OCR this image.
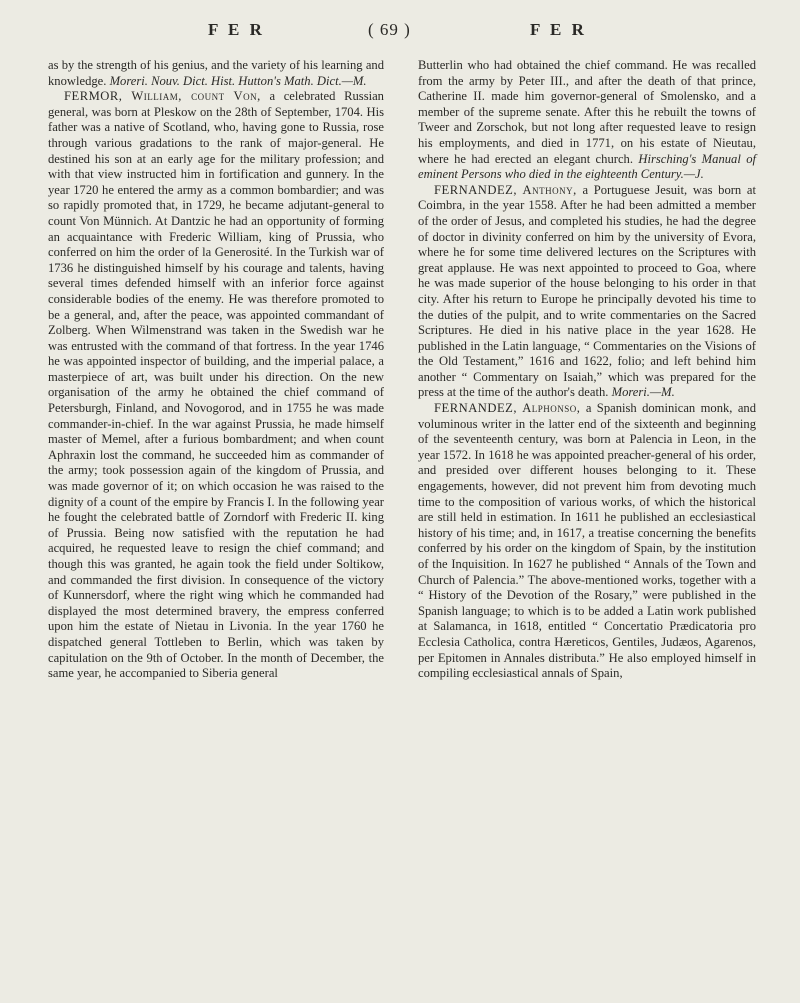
F E R	( 69 )	F E R

as by the strength of his genius, and the variety of his learning and knowledge. Moreri. Nouv. Dict. Hist. Hutton's Math. Dict.—M.

FERMOR, William, count Von, a celebrated Russian general, was born at Pleskow on the 28th of September, 1704. His father was a native of Scotland, who, having gone to Russia, rose through various gradations to the rank of major-general. He destined his son at an early age for the military profession; and with that view instructed him in fortification and gunnery. In the year 1720 he entered the army as a common bombardier; and was so rapidly promoted that, in 1729, he became adjutant-general to count Von Münnich. At Dantzic he had an opportunity of forming an acquaintance with Frederic William, king of Prussia, who conferred on him the order of la Generosité. In the Turkish war of 1736 he distinguished himself by his courage and talents, having several times defended himself with an inferior force against considerable bodies of the enemy. He was therefore promoted to be a general, and, after the peace, was appointed commandant of Zolberg. When Wilmenstrand was taken in the Swedish war he was entrusted with the command of that fortress. In the year 1746 he was appointed inspector of building, and the imperial palace, a masterpiece of art, was built under his direction. On the new organisation of the army he obtained the chief command of Petersburgh, Finland, and Novogorod, and in 1755 he was made commander-in-chief. In the war against Prussia, he made himself master of Memel, after a furious bombardment; and when count Aphraxin lost the command, he succeeded him as commander of the army; took possession again of the kingdom of Prussia, and was made governor of it; on which occasion he was raised to the dignity of a count of the empire by Francis I. In the following year he fought the celebrated battle of Zorndorf with Frederic II. king of Prussia. Being now satisfied with the reputation he had acquired, he requested leave to resign the chief command; and though this was granted, he again took the field under Soltikow, and commanded the first division. In consequence of the victory of Kunnersdorf, where the right wing which he commanded had displayed the most determined bravery, the empress conferred upon him the estate of Nietau in Livonia. In the year 1760 he dispatched general Tottleben to Berlin, which was taken by capitulation on the 9th of October. In the month of December, the same year, he accompanied to Siberia general

Butterlin who had obtained the chief command. He was recalled from the army by Peter III., and after the death of that prince, Catherine II. made him governor-general of Smolensko, and a member of the supreme senate. After this he rebuilt the towns of Tweer and Zorschok, but not long after requested leave to resign his employments, and died in 1771, on his estate of Nieutau, where he had erected an elegant church. Hirsching's Manual of eminent Persons who died in the eighteenth Century.—J.

FERNANDEZ, Anthony, a Portuguese Jesuit, was born at Coimbra, in the year 1558. After he had been admitted a member of the order of Jesus, and completed his studies, he had the degree of doctor in divinity conferred on him by the university of Evora, where he for some time delivered lectures on the Scriptures with great applause. He was next appointed to proceed to Goa, where he was made superior of the house belonging to his order in that city. After his return to Europe he principally devoted his time to the duties of the pulpit, and to write commentaries on the Sacred Scriptures. He died in his native place in the year 1628. He published in the Latin language, “ Commentaries on the Visions of the Old Testament,” 1616 and 1622, folio; and left behind him another “ Commentary on Isaiah,” which was prepared for the press at the time of the author's death. Moreri.—M.

FERNANDEZ, Alphonso, a Spanish dominican monk, and voluminous writer in the latter end of the sixteenth and beginning of the seventeenth century, was born at Palencia in Leon, in the year 1572. In 1618 he was appointed preacher-general of his order, and presided over different houses belonging to it. These engagements, however, did not prevent him from devoting much time to the composition of various works, of which the historical are still held in estimation. In 1611 he published an ecclesiastical history of his time; and, in 1617, a treatise concerning the benefits conferred by his order on the kingdom of Spain, by the institution of the Inquisition. In 1627 he published “ Annals of the Town and Church of Palencia.” The above-mentioned works, together with a “ History of the Devotion of the Rosary,” were published in the Spanish language; to which is to be added a Latin work published at Salamanca, in 1618, entitled “ Concertatio Prædicatoria pro Ecclesia Catholica, contra Hæreticos, Gentiles, Judæos, Agarenos, per Epitomen in Annales distributa.” He also employed himself in compiling ecclesiastical annals of Spain,
